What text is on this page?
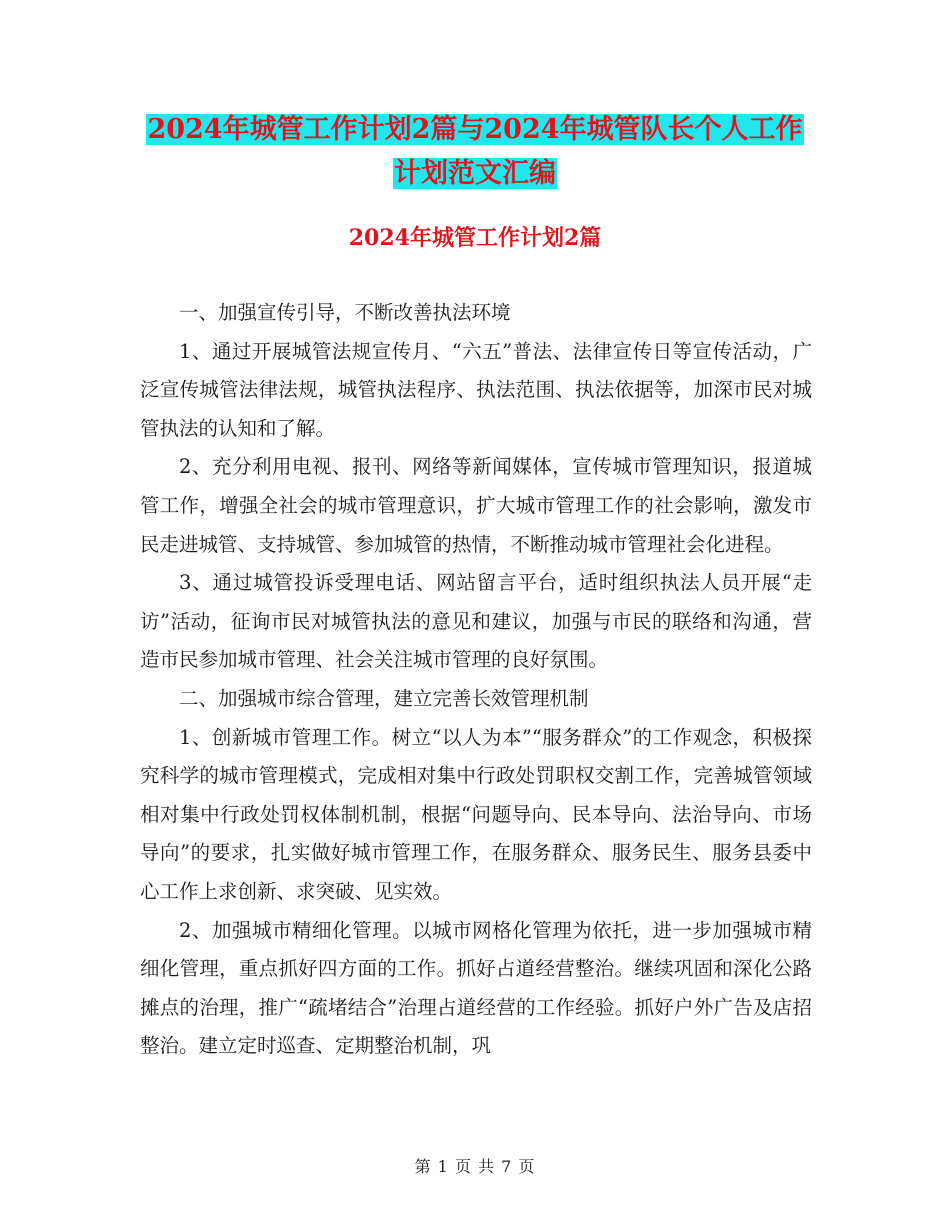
2024年城管工作计划2篇与2024年城管队长个人工作
计划范文汇编
2024年城管工作计划2篇

一、加强宣传引导，不断改善执法环境

1、通过开展城管法规宣传月、“六五”普法、法律宣传日等宣传活动，广泛宣传城管法律法规，城管执法程序、执法范围、执法依据等，加深市民对城管执法的认知和了解。

2、充分利用电视、报刊、网络等新闻媒体，宣传城市管理知识，报道城管工作，增强全社会的城市管理意识，扩大城市管理工作的社会影响，激发市民走进城管、支持城管、参加城管的热情，不断推动城市管理社会化进程。

3、通过城管投诉受理电话、网站留言平台，适时组织执法人员开展“走访”活动，征询市民对城管执法的意见和建议，加强与市民的联络和沟通，营造市民参加城市管理、社会关注城市管理的良好氛围。

二、加强城市综合管理，建立完善长效管理机制

1、创新城市管理工作。树立“以人为本”“服务群众”的工作观念，积极探究科学的城市管理模式，完成相对集中行政处罚职权交割工作，完善城管领域相对集中行政处罚权体制机制，根据“问题导向、民本导向、法治导向、市场导向”的要求，扎实做好城市管理工作，在服务群众、服务民生、服务县委中心工作上求创新、求突破、见实效。

2、加强城市精细化管理。以城市网格化管理为依托，进一步加强城市精细化管理，重点抓好四方面的工作。抓好占道经营整治。继续巩固和深化公路摊点的治理，推广“疏堵结合”治理占道经营的工作经验。抓好户外广告及店招整治。建立定时巡查、定期整治机制，巩

第 1 页 共 7 页
